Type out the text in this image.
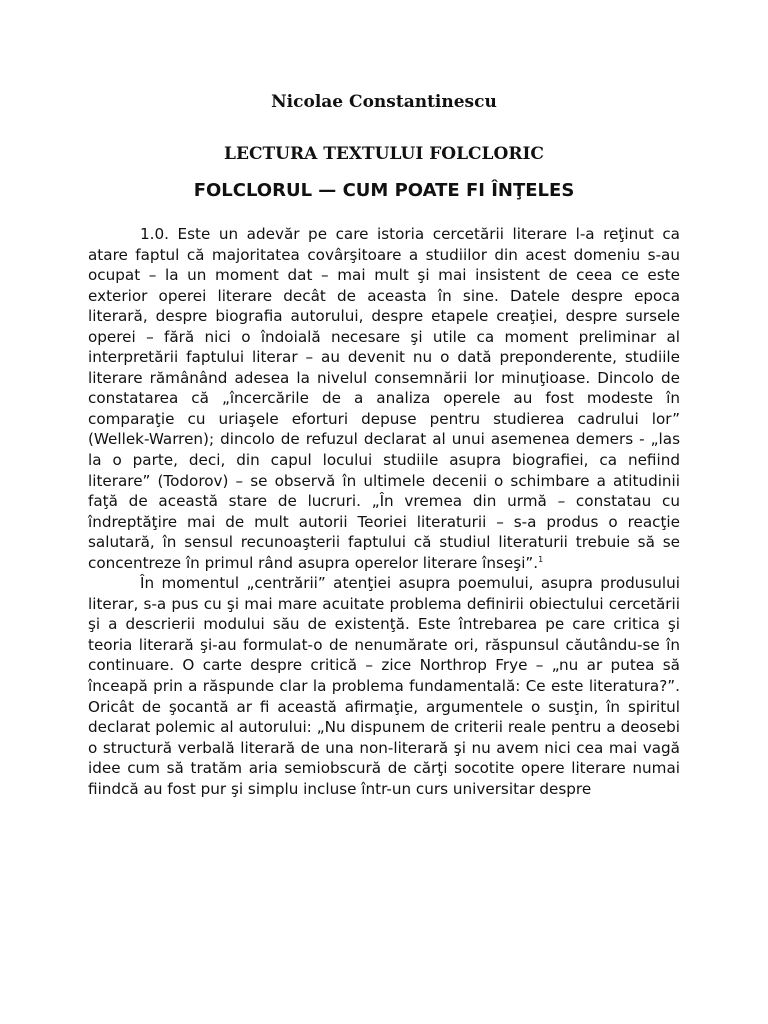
Nicolae Constantinescu
LECTURA TEXTULUI FOLCLORIC
FOLCLORUL — CUM POATE FI ÎNŢELES

1.0. Este un adevăr pe care istoria cercetării literare l-a reţinut ca atare faptul că majoritatea covârşitoare a studiilor din acest domeniu s-au ocupat – la un moment dat – mai mult şi mai insistent de ceea ce este exterior operei literare decât de aceasta în sine. Datele despre epoca literară, despre biografia autorului, despre etapele creaţiei, despre sursele operei – fără nici o îndoială necesare şi utile ca moment preliminar al interpretării faptului literar – au devenit nu o dată preponderente, studiile literare rămânând adesea la nivelul consemnării lor minuţioase. Dincolo de constatarea că „încercările de a analiza operele au fost modeste în comparaţie cu uriaşele eforturi depuse pentru studierea cadrului lor” (Wellek-Warren); dincolo de refuzul declarat al unui asemenea demers - „las la o parte, deci, din capul locului studiile asupra biografiei, ca nefiind literare” (Todorov) – se observă în ultimele decenii o schimbare a atitudinii faţă de această stare de lucruri. „În vremea din urmă – constatau cu îndreptăţire mai de mult autorii Teoriei literaturii – s-a produs o reacţie salutară, în sensul recunoaşterii faptului că studiul literaturii trebuie să se concentreze în primul rând asupra operelor literare înseşi”.$^1$

În momentul „centrării” atenţiei asupra poemului, asupra produsului literar, s-a pus cu şi mai mare acuitate problema definirii obiectului cercetării şi a descrierii modului său de existenţă. Este întrebarea pe care critica şi teoria literară şi-au formulat-o de nenumărate ori, răspunsul căutându-se în continuare. O carte despre critică – zice Northrop Frye – „nu ar putea să înceapă prin a răspunde clar la problema fundamentală: Ce este literatura?”. Oricât de şocantă ar fi această afirmaţie, argumentele o susţin, în spiritul declarat polemic al autorului: „Nu dispunem de criterii reale pentru a deosebi o structură verbală literară de una non-literară şi nu avem nici cea mai vagă idee cum să tratăm aria semiobscură de cărţi socotite opere literare numai fiindcă au fost pur şi simplu incluse într-un curs universitar despre
